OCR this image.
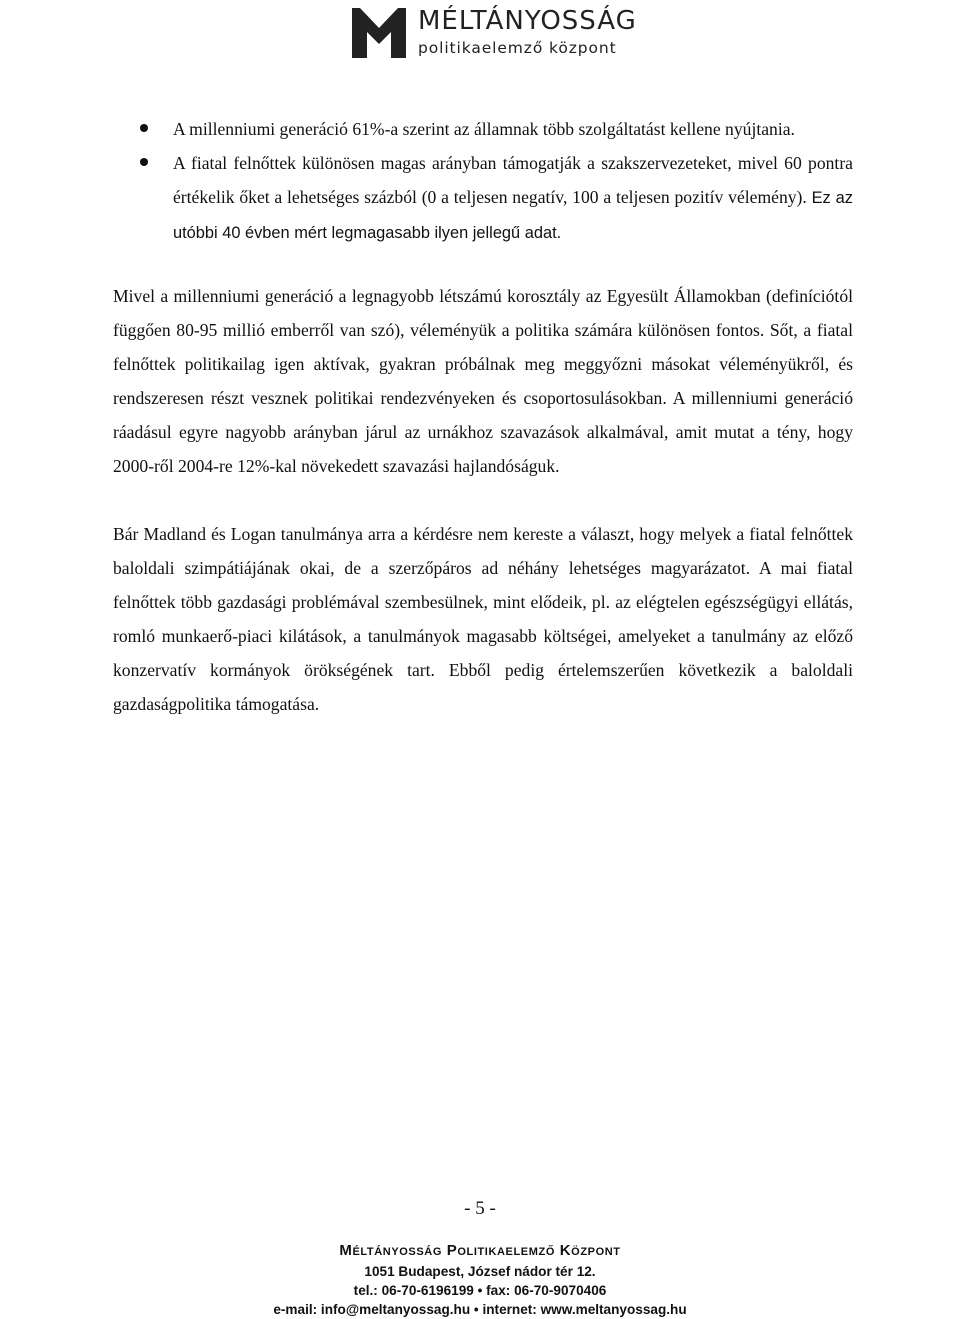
MÉLTÁNYOSSÁG
politikaelemző központ
A millenniumi generáció 61%-a szerint az államnak több szolgáltatást kellene nyújtania.
A fiatal felnőttek különösen magas arányban támogatják a szakszervezeteket, mivel 60 pontra értékelik őket a lehetséges százból (0 a teljesen negatív, 100 a teljesen pozitív vélemény). Ez az utóbbi 40 évben mért legmagasabb ilyen jellegű adat.

Mivel a millenniumi generáció a legnagyobb létszámú korosztály az Egyesült Államokban (definíciótól függően 80-95 millió emberről van szó), véleményük a politika számára különösen fontos. Sőt, a fiatal felnőttek politikailag igen aktívak, gyakran próbálnak meg meggyőzni másokat véleményükről, és rendszeresen részt vesznek politikai rendezvényeken és csoportosulásokban. A millenniumi generáció ráadásul egyre nagyobb arányban járul az urnákhoz szavazások alkalmával, amit mutat a tény, hogy 2000-ről 2004-re 12%-kal növekedett szavazási hajlandóságuk.

Bár Madland és Logan tanulmánya arra a kérdésre nem kereste a választ, hogy melyek a fiatal felnőttek baloldali szimpátiájának okai, de a szerzőpáros ad néhány lehetséges magyarázatot. A mai fiatal felnőttek több gazdasági problémával szembesülnek, mint elődeik, pl. az elégtelen egészségügyi ellátás, romló munkaerő-piaci kilátások, a tanulmányok magasabb költségei, amelyeket a tanulmány az előző konzervatív kormányok örökségének tart. Ebből pedig értelemszerűen következik a baloldali gazdaságpolitika támogatása.

- 5 -
Méltányosság Politikaelemző Központ
1051 Budapest, József nádor tér 12.
tel.: 06-70-6196199 • fax: 06-70-9070406
e-mail: info@meltanyossag.hu • internet: www.meltanyossag.hu
